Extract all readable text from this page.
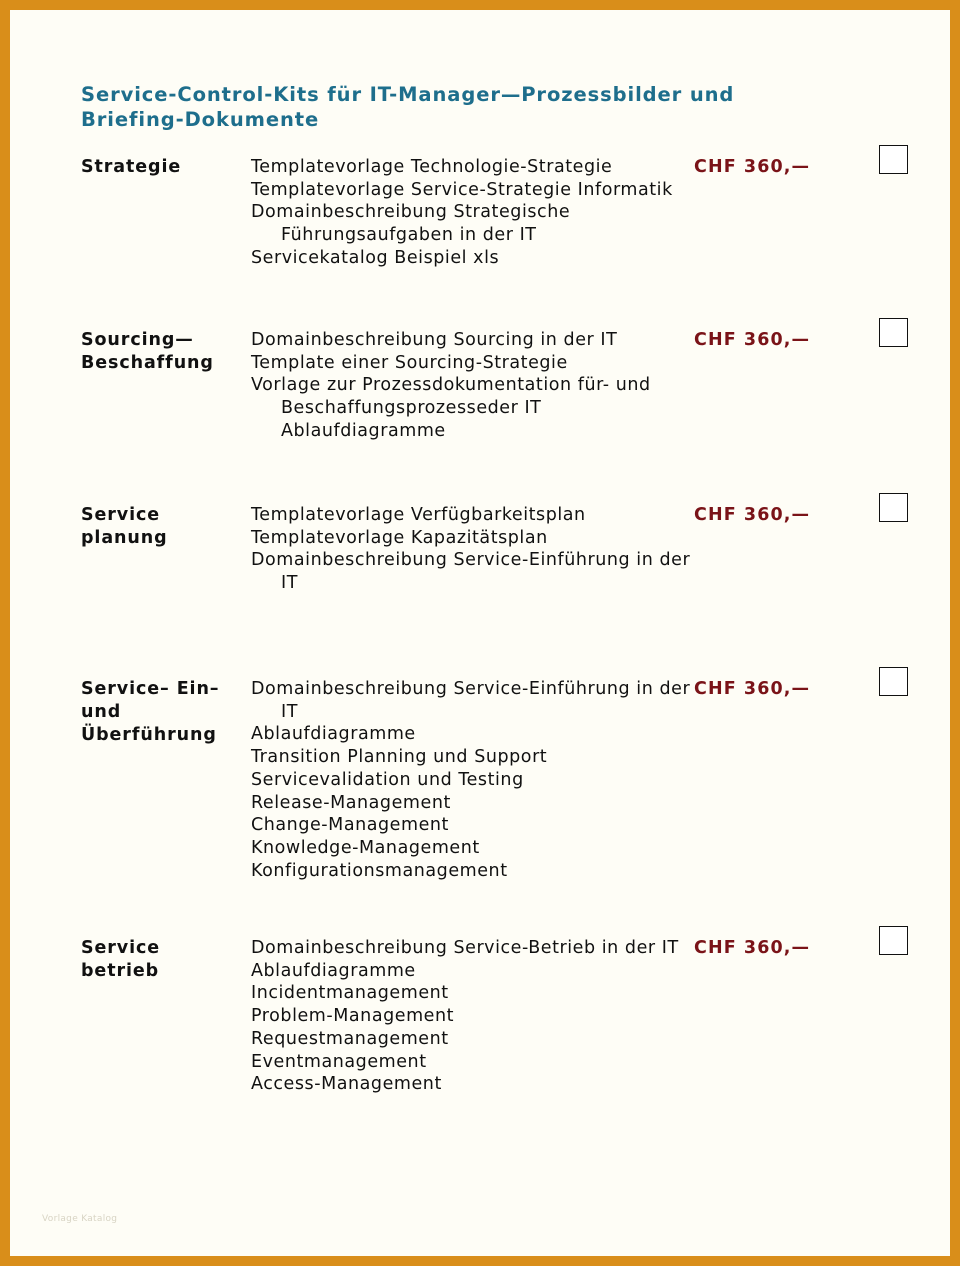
Service-Control-Kits für IT-Manager—Prozessbilder und Briefing-Dokumente

Strategie	Templatevorlage Technologie-Strategie
Templatevorlage Service-Strategie Informatik
Domainbeschreibung Strategische Führungsaufgaben in der IT
Servicekatalog Beispiel xls

CHF 360,—

Sourcing—Beschaffung

Domainbeschreibung Sourcing in der IT
Template einer Sourcing-Strategie
Vorlage zur Prozessdokumentation für- und Beschaffungsprozesseder IT Ablaufdiagramme

CHF 360,—

Service planung

Templatevorlage Verfügbarkeitsplan
Templatevorlage Kapazitätsplan
Domainbeschreibung Service-Einführung in der IT

CHF 360,—

Service– Ein– und Überführung

Domainbeschreibung Service-Einführung in der IT
Ablaufdiagramme
Transition Planning und Support
Servicevalidation und Testing
Release-Management
Change-Management
Knowledge-Management
Konfigurationsmanagement

CHF 360,—

Service betrieb

Domainbeschreibung Service-Betrieb in der IT
Ablaufdiagramme
Incidentmanagement
Problem-Management
Requestmanagement
Eventmanagement
Access-Management

CHF 360,—

Vorlage Katalog
